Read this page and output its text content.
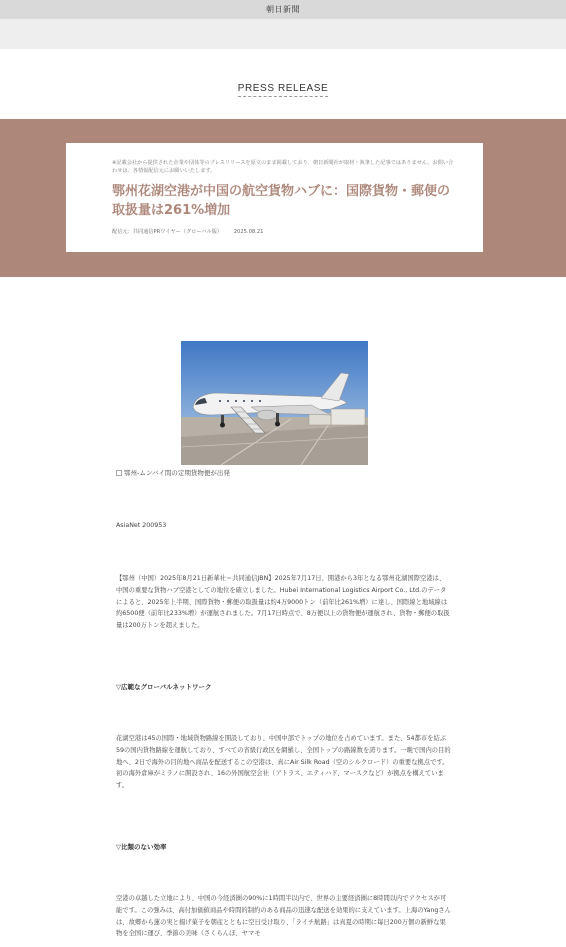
朝日新聞
PRESS RELEASE
※記載会社から提供された企業や団体等のプレスリリースを原文のまま掲載しており、朝日新聞社が取材・執筆した記事ではありません。お問い合わせは、各情報配信元にお願いいたします。
鄂州花湖空港が中国の航空貨物ハブに：国際貨物・郵便の取扱量は261%増加
配信元：共同通信PRワイヤー（グローバル版） 2025.08.21
鄂州-ムンバイ間の定期貨物便が出発
AsiaNet 200953
【鄂州（中国）2025年8月21日新華社＝共同通信JBN】2025年7月17日、開港から3年となる鄂州花湖国際空港は、中国の重要な貨物ハブ空港としての地位を確立しました。Hubei International Logistics Airport Co., Ltd.のデータによると、2025年上半期、国際貨物・郵便の取扱量は約4万9000トン（前年比261%増）に達し、国際線と地域線は約6500便（前年比233%増）が運航されました。7月17日時点で、8万便以上の貨物便が運航され、貨物・郵便の取扱量は200万トンを超えました。
▽広範なグローバルネットワーク
花湖空港は45の国際・地域貨物路線を開設しており、中国中部でトップの地位を占めています。また、54都市を結ぶ59の国内貨物路線を運航しており、すべての省級行政区を網羅し、全国トップの路線数を誇ります。一晩で国内の目的地へ、2日で海外の目的地へ商品を配送するこの空港は、真にAir Silk Road（空のシルクロード）の重要な拠点です。初の海外倉庫がミラノに開設され、16の外国航空会社（アトラス、エティハド、マースクなど）が拠点を構えています。
▽比類のない効率
空港の卓越した立地により、中国の今経済圏の90%に1時間半以内で、世界の主要経済圏に8時間以内でアクセスが可能です。この強みは、高付加価値商品や時間的制約のある商品の迅速な配送を効果的に支えています。上海のYangさんは、故郷から蓮の実と揚げ菓子を朝産とともに空日受け取り、「ライチ航路」は真夏の時期に毎日200万個の新鮮な果物を全国に運び、季節の美味（さくらんぼ、ヤマモ
